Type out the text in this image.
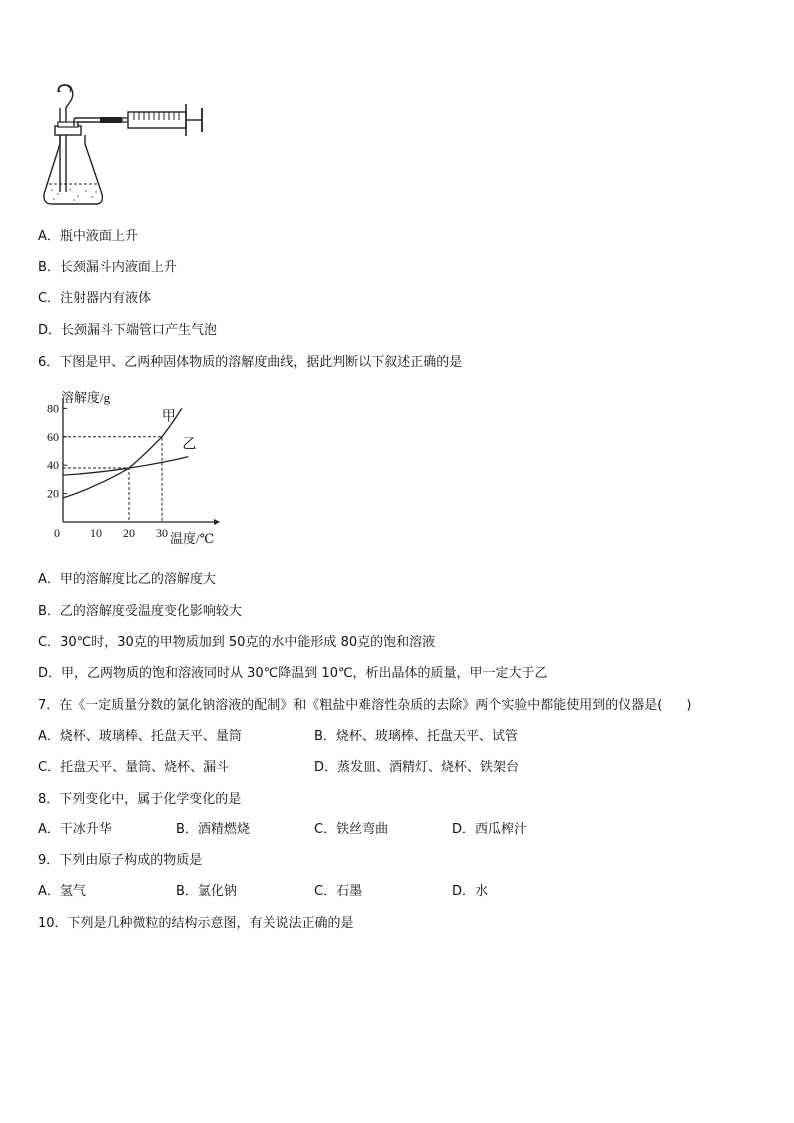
A．瓶中液面上升
B．长颈漏斗内液面上升
C．注射器内有液体
D．长颈漏斗下端管口产生气泡
6．下图是甲、乙两种固体物质的溶解度曲线，据此判断以下叙述正确的是
20
40
60
80
0	10 20 30
溶解度/g
温度/℃
甲
乙
A．甲的溶解度比乙的溶解度大
B．乙的溶解度受温度变化影响较大
C．30℃时，30克的甲物质加到 50克的水中能形成 80克的饱和溶液
D．甲，乙两物质的饱和溶液同时从 30℃降温到 10℃，析出晶体的质量，甲一定大于乙
7．在《一定质量分数的氯化钠溶液的配制》和《粗盐中难溶性杂质的去除》两个实验中都能使用到的仪器是( )
A．烧杯、玻璃棒、托盘天平、量筒	B．烧杯、玻璃棒、托盘天平、试管
C．托盘天平、量筒、烧杯、漏斗	D．蒸发皿、酒精灯、烧杯、铁架台
8．下列变化中，属于化学变化的是
A．干冰升华	B．酒精燃烧	C．铁丝弯曲	D．西瓜榨汁
9．下列由原子构成的物质是
A．氢气	B．氯化钠	C．石墨	D．水
10．下列是几种微粒的结构示意图，有关说法正确的是
